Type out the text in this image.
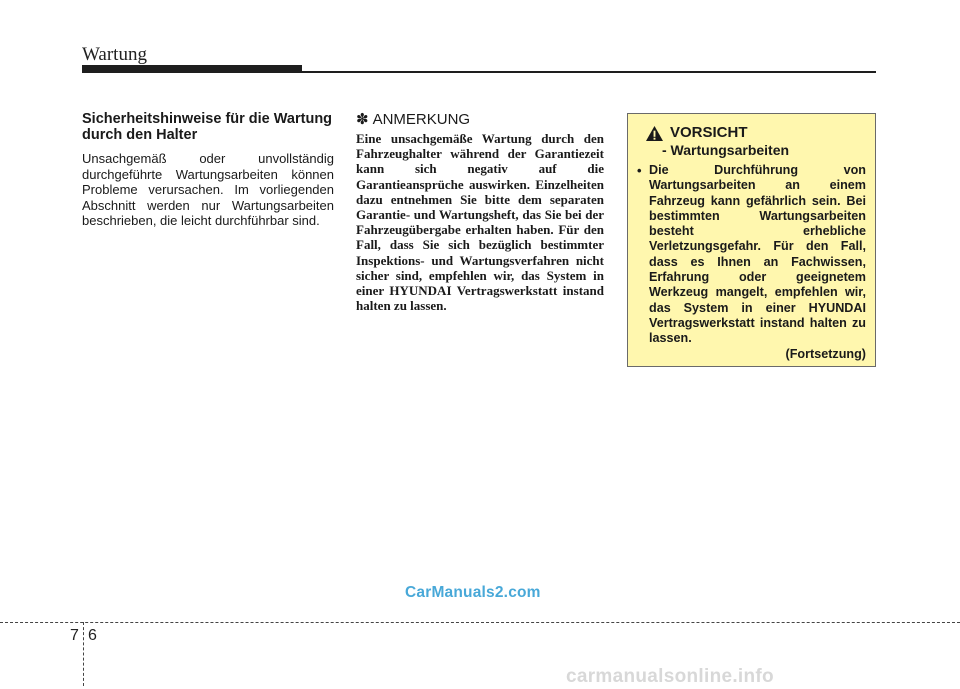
Wartung
Sicherheitshinweise für die Wartung durch den Halter

Unsachgemäß oder unvollständig durchgeführte Wartungsarbeiten können Probleme verursachen. Im vorliegenden Abschnitt werden nur Wartungsarbeiten beschrieben, die leicht durchführbar sind.

✽ ANMERKUNG

Eine unsachgemäße Wartung durch den Fahrzeughalter während der Garantiezeit kann sich negativ auf die Garantieansprüche auswirken. Einzelheiten dazu entnehmen Sie bitte dem separaten Garantie- und Wartungsheft, das Sie bei der Fahrzeugübergabe erhalten haben. Für den Fall, dass Sie sich bezüglich bestimmter Inspektions- und Wartungsverfahren nicht sicher sind, empfehlen wir, das System in einer HYUNDAI Vertragswerkstatt instand halten zu lassen.

VORSICHT
- Wartungsarbeiten
• Die Durchführung von Wartungsarbeiten an einem Fahrzeug kann gefährlich sein. Bei bestimmten Wartungsarbeiten besteht erhebliche Verletzungsgefahr. Für den Fall, dass es Ihnen an Fachwissen, Erfahrung oder geeignetem Werkzeug mangelt, empfehlen wir, das System in einer HYUNDAI Vertragswerkstatt instand halten zu lassen.

(Fortsetzung)
CarManuals2.com
7 6
carmanualsonline.info
